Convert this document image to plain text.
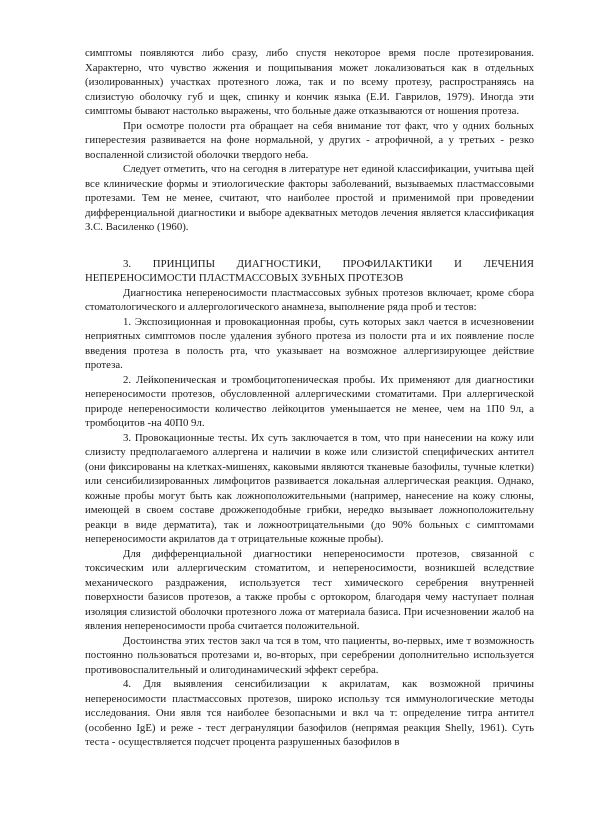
симптомы появляются либо сразу, либо спустя некоторое время после протезирования. Характерно, что чувство жжения и пощипывания может локализоваться как в отдельных (изолированных) участках протезного ложа, так и по всему протезу, распространяясь на слизистую оболочку губ и щек, спинку и кончик языка (Е.И. Гаврилов, 1979). Иногда эти симптомы бывают настолько выражены, что больные даже отказываются от ношения протеза.

При осмотре полости рта обращает на себя внимание тот факт, что у одних больных гиперестезия развивается на фоне нормальной, у других - атрофичной, а у третьих - резко воспаленной слизистой оболочки твердого неба.

Следует отметить, что на сегодня в литературе нет единой классификации, учитыва щей все клинические формы и этиологические факторы заболеваний, вызываемых пластмассовыми протезами. Тем не менее, считают, что наиболее простой и применимой при проведении дифференциальной диагностики и выборе адекватных методов лечения является классификация З.С. Василенко (1960).

3. ПРИНЦИПЫ ДИАГНОСТИКИ, ПРОФИЛАКТИКИ И ЛЕЧЕНИЯ

НЕПЕРЕНОСИМОСТИ ПЛАСТМАССОВЫХ ЗУБНЫХ ПРОТЕЗОВ

Диагностика непереносимости пластмассовых зубных протезов включает, кроме сбора стоматологического и аллергологического анамнеза, выполнение ряда проб и тестов:

1. Экспозиционная и провокационная пробы, суть которых закл чается в исчезновении неприятных симптомов после удаления зубного протеза из полости рта и их появление после введения протеза в полость рта, что указывает на возможное аллергизирующее действие протеза.

2. Лейкопеническая и тромбоцитопеническая пробы. Их применяют для диагностики непереносимости протезов, обусловленной аллергическими стоматитами. При аллергической природе непереносимости количество лейкоцитов уменьшается не менее, чем на 1П0 9л, а тромбоцитов -на 40П0 9л.

3. Провокационные тесты. Их суть заключается в том, что при нанесении на кожу или слизисту предполагаемого аллергена и наличии в коже или слизистой специфических антител (они фиксированы на клетках-мишенях, каковыми являются тканевые базофилы, тучные клетки) или сенсибилизированных лимфоцитов развивается локальная аллергическая реакция. Однако, кожные пробы могут быть как ложноположительными (например, нанесение на кожу слюны, имеющей в своем составе дрожжеподобные грибки, нередко вызывает ложноположительну реакци в виде дерматита), так и ложноотрицательными (до 90% больных с симптомами непереносимости акрилатов да т отрицательные кожные пробы).

Для дифференциальной диагностики непереносимости протезов, связанной с токсическим или аллергическим стоматитом, и непереносимости, возникшей вследствие механического раздражения, используется тест химического серебрения внутренней поверхности базисов протезов, а также пробы с ортокором, благодаря чему наступает полная изоляция слизистой оболочки протезного ложа от материала базиса. При исчезновении жалоб на явления непереносимости проба считается положительной.

Достоинства этих тестов закл ча тся в том, что пациенты, во-первых, име т возможность постоянно пользоваться протезами и, во-вторых, при серебрении дополнительно используется противовоспалительный и олигодинамический эффект серебра.

4. Для выявления сенсибилизации к акрилатам, как возможной причины непереносимости пластмассовых протезов, широко использу тся иммунологические методы исследования. Они явля тся наиболее безопасными и вкл ча т: определение титра антител (особенно IgE) и реже - тест дегрануляции базофилов (непрямая реакция Shelly, 1961). Суть теста - осуществляется подсчет процента разрушенных базофилов в
